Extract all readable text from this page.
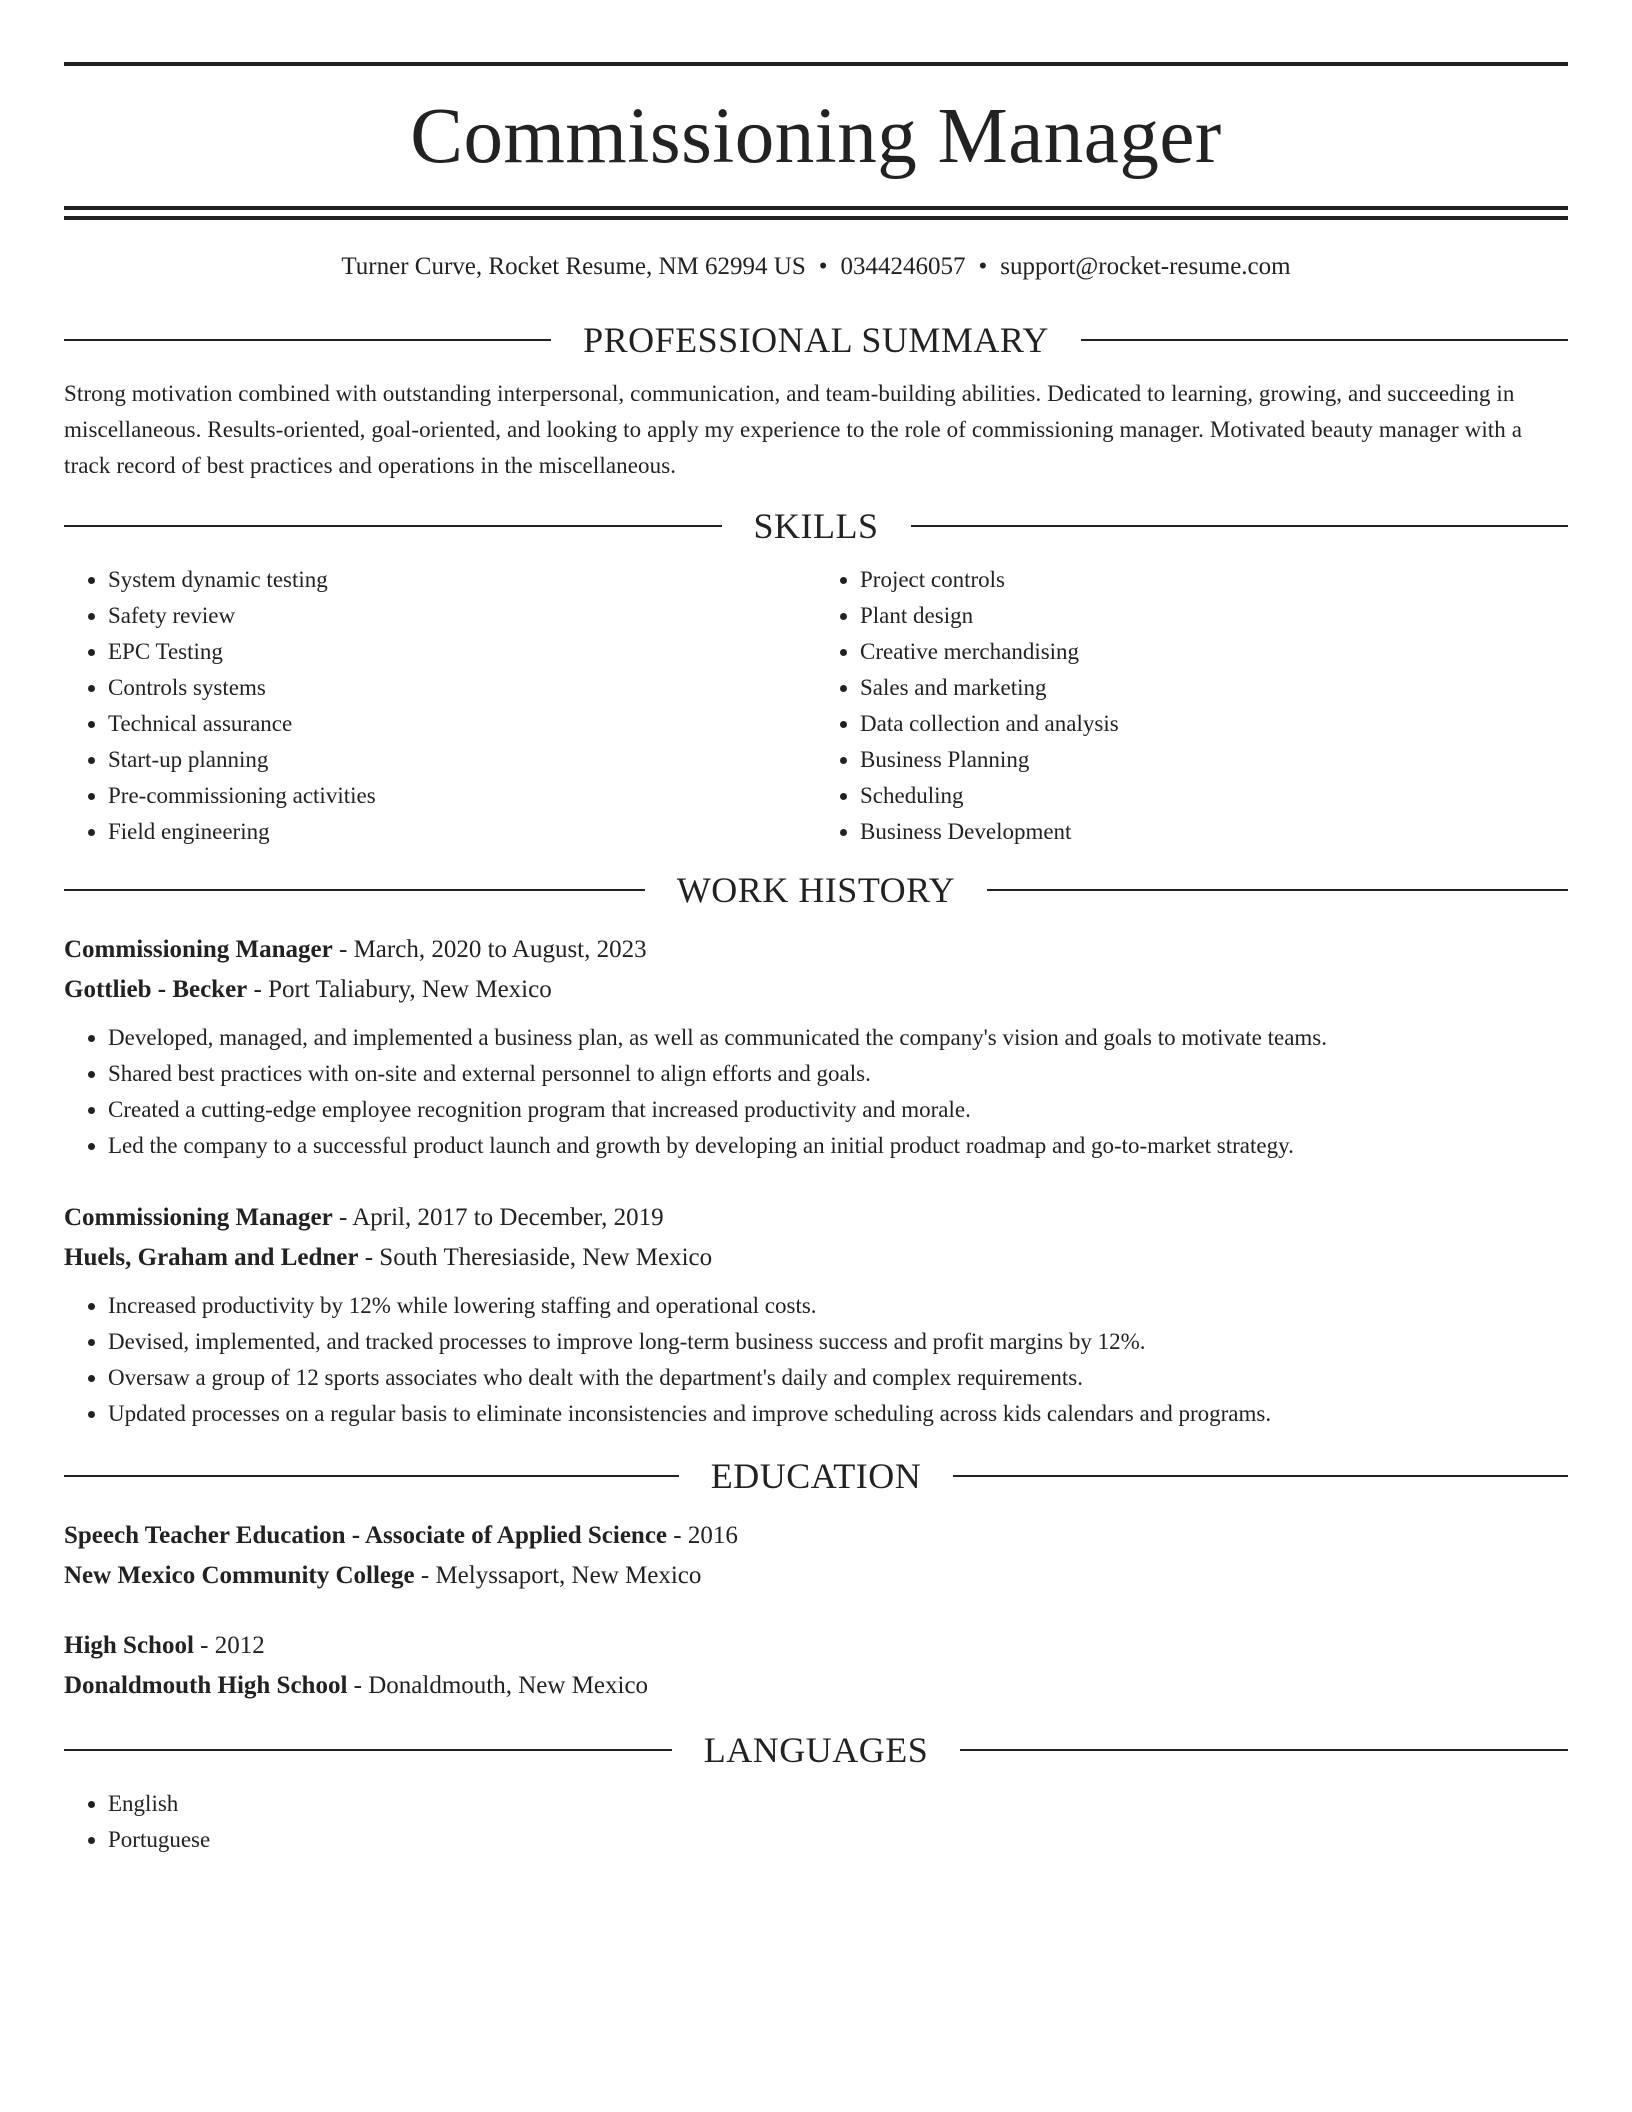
Commissioning Manager
Turner Curve, Rocket Resume, NM 62994 US • 0344246057 • support@rocket-resume.com
PROFESSIONAL SUMMARY

Strong motivation combined with outstanding interpersonal, communication, and team-building abilities. Dedicated to learning, growing, and succeeding in miscellaneous. Results-oriented, goal-oriented, and looking to apply my experience to the role of commissioning manager. Motivated beauty manager with a track record of best practices and operations in the miscellaneous.

SKILLS
• System dynamic testing
• Safety review
• EPC Testing
• Controls systems
• Technical assurance
• Start-up planning
• Pre-commissioning activities
• Field engineering
• Project controls
• Plant design
• Creative merchandising
• Sales and marketing
• Data collection and analysis
• Business Planning
• Scheduling
• Business Development
WORK HISTORY
Commissioning Manager - March, 2020 to August, 2023
Gottlieb - Becker - Port Taliabury, New Mexico
• Developed, managed, and implemented a business plan, as well as communicated the company's vision and goals to motivate teams.
• Shared best practices with on-site and external personnel to align efforts and goals.
• Created a cutting-edge employee recognition program that increased productivity and morale.
• Led the company to a successful product launch and growth by developing an initial product roadmap and go-to-market strategy.
Commissioning Manager - April, 2017 to December, 2019
Huels, Graham and Ledner - South Theresiaside, New Mexico
• Increased productivity by 12% while lowering staffing and operational costs.
• Devised, implemented, and tracked processes to improve long-term business success and profit margins by 12%.
• Oversaw a group of 12 sports associates who dealt with the department's daily and complex requirements.
• Updated processes on a regular basis to eliminate inconsistencies and improve scheduling across kids calendars and programs.
EDUCATION
Speech Teacher Education - Associate of Applied Science - 2016
New Mexico Community College - Melyssaport, New Mexico
High School - 2012
Donaldmouth High School - Donaldmouth, New Mexico
LANGUAGES
• English
• Portuguese
